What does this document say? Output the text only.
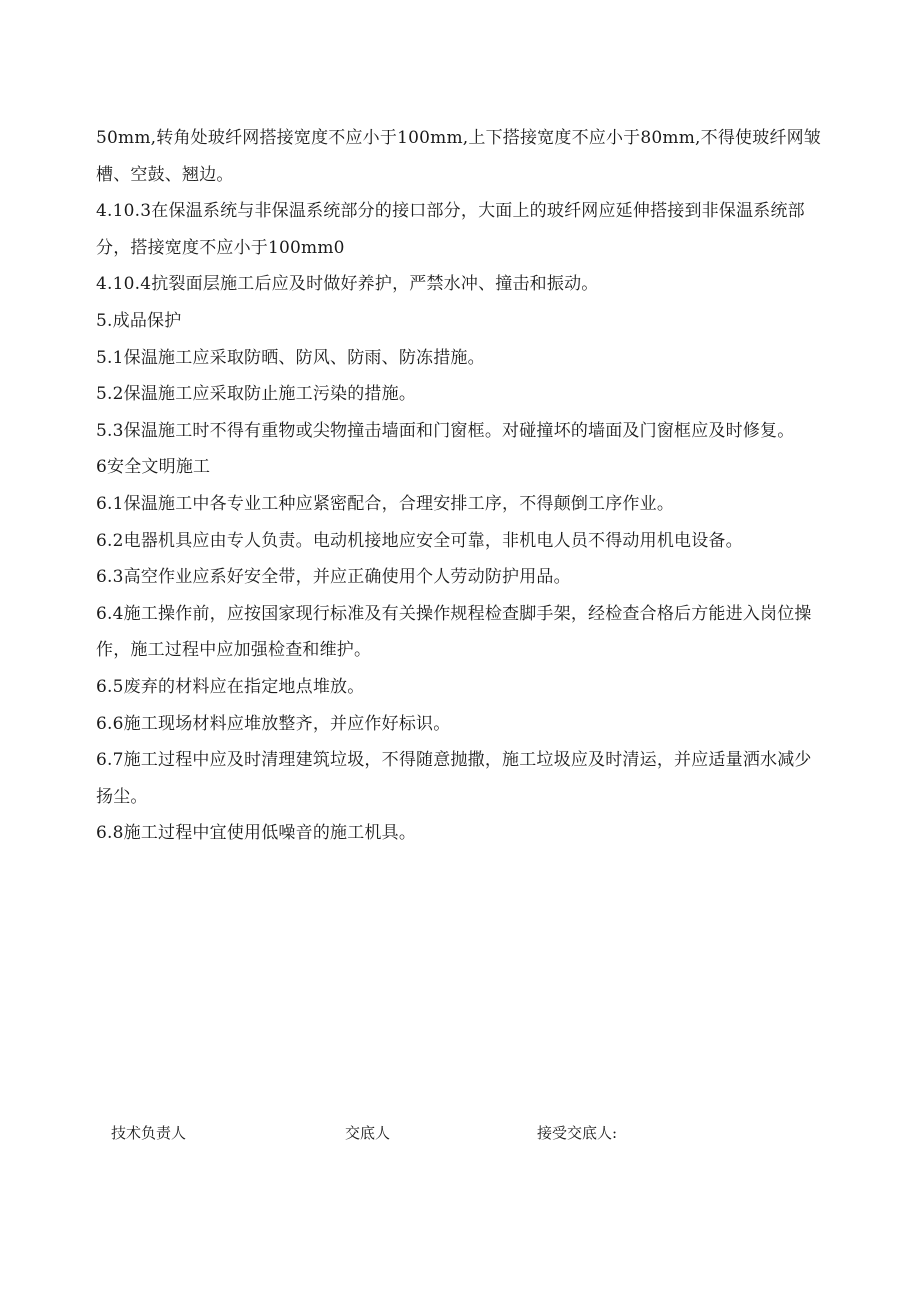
50mm,转角处玻纤网搭接宽度不应小于100mm,上下搭接宽度不应小于80mm,不得使玻纤网皱槽、空鼓、翘边。

4.10.3在保温系统与非保温系统部分的接口部分，大面上的玻纤网应延伸搭接到非保温系统部分，搭接宽度不应小于100mm0

4.10.4抗裂面层施工后应及时做好养护，严禁水冲、撞击和振动。

5.成品保护

5.1保温施工应采取防晒、防风、防雨、防冻措施。

5.2保温施工应采取防止施工污染的措施。

5.3保温施工时不得有重物或尖物撞击墙面和门窗框。对碰撞坏的墙面及门窗框应及时修复。

6安全文明施工

6.1保温施工中各专业工种应紧密配合，合理安排工序，不得颠倒工序作业。

6.2电器机具应由专人负责。电动机接地应安全可靠，非机电人员不得动用机电设备。

6.3高空作业应系好安全带，并应正确使用个人劳动防护用品。

6.4施工操作前，应按国家现行标准及有关操作规程检查脚手架，经检查合格后方能进入岗位操作，施工过程中应加强检查和维护。

6.5废弃的材料应在指定地点堆放。

6.6施工现场材料应堆放整齐，并应作好标识。

6.7施工过程中应及时清理建筑垃圾，不得随意抛撒，施工垃圾应及时清运，并应适量洒水减少扬尘。

6.8施工过程中宜使用低噪音的施工机具。

技术负责人	交底人	接受交底人:
